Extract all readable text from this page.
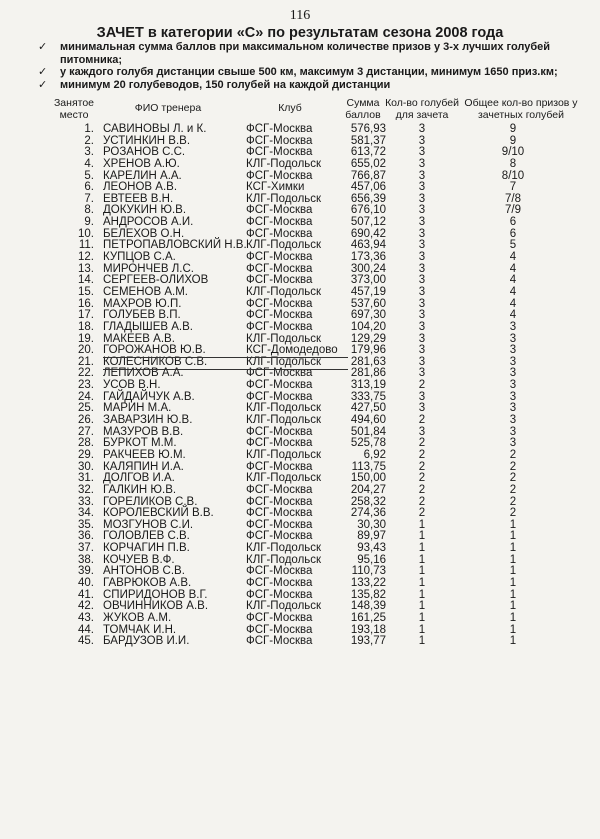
116
ЗАЧЕТ в категории «С» по результатам сезона 2008 года
✓ минимальная сумма баллов при максимальном количестве призов у 3-х лучших голубей питомника;
✓ у каждого голубя дистанции свыше 500 км, максимум 3 дистанции, минимум 1650 приз.км;
✓ минимум 20 голубеводов, 150 голубей на каждой дистанции
Занятое место
ФИО тренера	Клуб	Сумма баллов
Кол-во голубей для зачета
Общее кол-во призов у зачетных голубей
1. САВИНОВЫ Л. и К.	ФСГ-Москва	576,93	3	9
2. УСТИНКИН В.В.	ФСГ-Москва	581,37	3	9
3. РОЗАНОВ С.С.	ФСГ-Москва	613,72	3	9/10
4. ХРЕНОВ А.Ю.	КЛГ-Подольск	655,02	3	8
5. КАРЕЛИН А.А.	ФСГ-Москва	766,87	3	8/10
6. ЛЕОНОВ А.В.	КСГ-Химки	457,06	3	7
7. ЕВТЕЕВ В.Н.	КЛГ-Подольск	656,39	3	7/8
8. ДОКУКИН Ю.В.	ФСГ-Москва	676,10	3	7/9
9. АНДРОСОВ А.И.	ФСГ-Москва	507,12	3	6
10. БЕЛЕХОВ О.Н.	ФСГ-Москва	690,42	3	6
11. ПЕТРОПАВЛОВСКИЙ Н.В. КЛГ-Подольск	463,94	3	5
12. КУПЦОВ С.А.	ФСГ-Москва	173,36	3	4
13. МИРОНЧЕВ Л.С.	ФСГ-Москва	300,24	3	4
14. СЕРГЕЕВ-ОЛИХОВ	ФСГ-Москва	373,00	3	4
15. СЕМЕНОВ А.М.	КЛГ-Подольск	457,19	3	4
16. МАХРОВ Ю.П.	ФСГ-Москва	537,60	3	4
17. ГОЛУБЕВ В.П.	ФСГ-Москва	697,30	3	4
18. ГЛАДЫШЕВ А.В.	ФСГ-Москва	104,20	3	3
19. МАКЕЕВ А.В.	КЛГ-Подольск	129,29	3	3
20. ГОРОЖАНОВ Ю.В.	КСГ-Домодедово	179,96	3	3
21. КОЛЕСНИКОВ С.В.	КЛГ-Подольск	281,63	3	3
22. ЛЕПИХОВ А.А.	ФСГ-Москва	281,86	3	3
23. УСОВ В.Н.	ФСГ-Москва	313,19	2	3
24. ГАЙДАЙЧУК А.В.	ФСГ-Москва	333,75	3	3
25. МАРИН М.А.	КЛГ-Подольск	427,50	3	3
26. ЗАВАРЗИН Ю.В.	КЛГ-Подольск	494,60	2	3
27. МАЗУРОВ В.В.	ФСГ-Москва	501,84	3	3
28. БУРКОТ М.М.	ФСГ-Москва	525,78	2	3
29. РАКЧЕЕВ Ю.М.	КЛГ-Подольск	6,92	2	2
30. КАЛЯПИН И.А.	ФСГ-Москва	113,75	2	2
31. ДОЛГОВ И.А.	КЛГ-Подольск	150,00	2	2
32. ГАЛКИН Ю.В.	ФСГ-Москва	204,27	2	2
33. ГОРЕЛИКОВ С.В.	ФСГ-Москва	258,32	2	2
34. КОРОЛЕВСКИЙ В.В.	ФСГ-Москва	274,36	2	2
35. МОЗГУНОВ С.И.	ФСГ-Москва	30,30	1	1
36. ГОЛОВЛЕВ С.В.	ФСГ-Москва	89,97	1	1
37. КОРЧАГИН П.В.	КЛГ-Подольск	93,43	1	1
38. КОЧУЕВ В.Ф.	КЛГ-Подольск	95,16	1	1
39. АНТОНОВ С.В.	ФСГ-Москва	110,73	1	1
40. ГАВРЮКОВ А.В.	ФСГ-Москва	133,22	1	1
41. СПИРИДОНОВ В.Г.	ФСГ-Москва	135,82	1	1
42. ОВЧИННИКОВ А.В.	КЛГ-Подольск	148,39	1	1
43. ЖУКОВ А.М.	ФСГ-Москва	161,25	1	1
44. ТОМЧАК И.Н.	ФСГ-Москва	193,18	1	1
45. БАРДУЗОВ И.И.	ФСГ-Москва	193,77	1	1
